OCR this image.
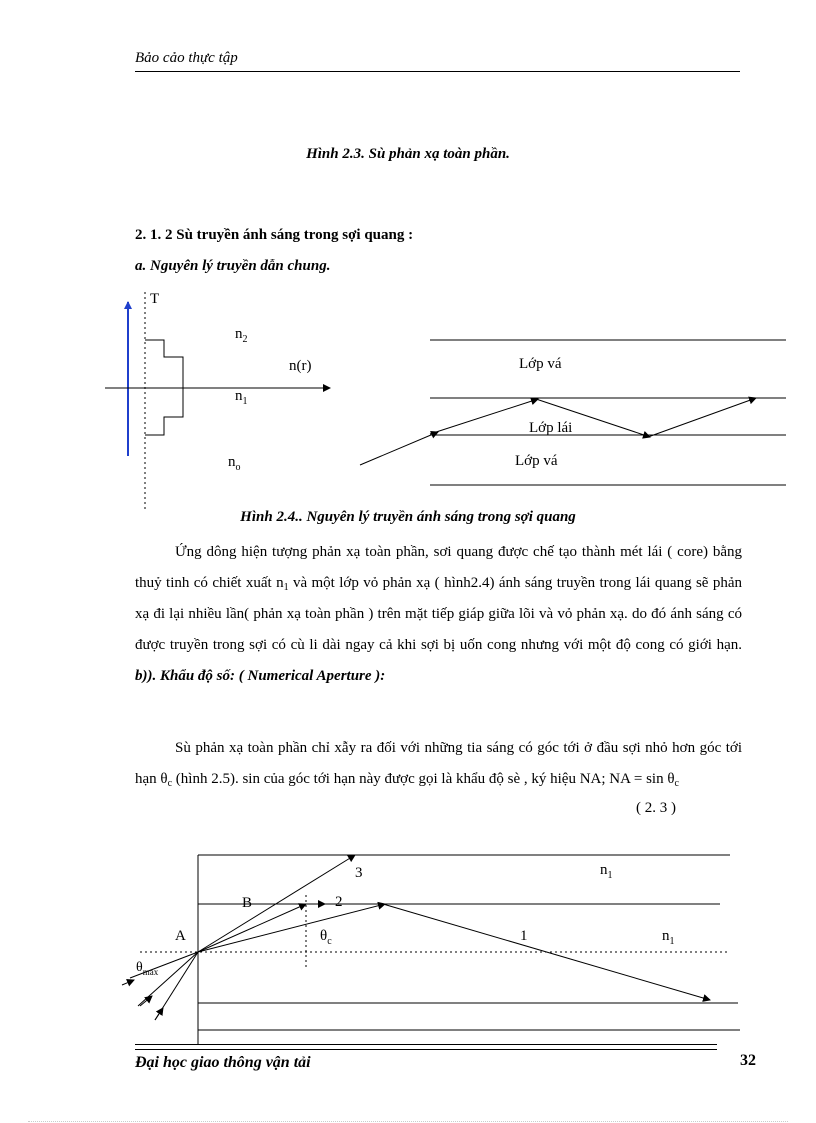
Bảo cảo thực tập
Hình 2.3. Sù phản xạ toàn phần.
2. 1. 2 Sù truyền ánh sáng trong sợi quang :
a. Nguyên lý truyền dẫn chung.
T
$n_2$
n(r)
$n_1$
$n_o$
Lớp vá
Lớp lái
Lớp vá
Hình 2.4.. Nguyên lý truyền ánh sáng trong sợi quang
Ứng dông hiện tượng phản xạ toàn phần, sơi quang được chế tạo thành mét lái ( core) bằng thuỷ tinh có chiết xuất $n_1$ và một lớp vỏ phản xạ ( hình2.4) ánh sáng truyền trong lái quang sẽ phản xạ đi lại nhiều lần( phản xạ toàn phần ) trên mặt tiếp giáp giữa lõi và vỏ phản xạ. do đó ánh sáng có được truyền trong sợi có cù li dài ngay cả khi sợi bị uốn cong nhưng với một độ cong có giới hạn. b)). Khẩu độ số: ( Numerical Aperture ):
Sù phản xạ toàn phần chỉ xẫy ra đối với những tia sáng có góc tới ở đầu sợi nhỏ hơn góc tới hạn $\theta_c$ (hình 2.5). sin của góc tới hạn này được gọi là khẩu độ sè , ký hiệu NA; NA = $\sin \theta_c$
( 2. 3 )
3
2
1
B
A	$\theta_c$
$\theta_{max}$
$n_1$
$n_1$
Đại học giao thông vận tải	32
